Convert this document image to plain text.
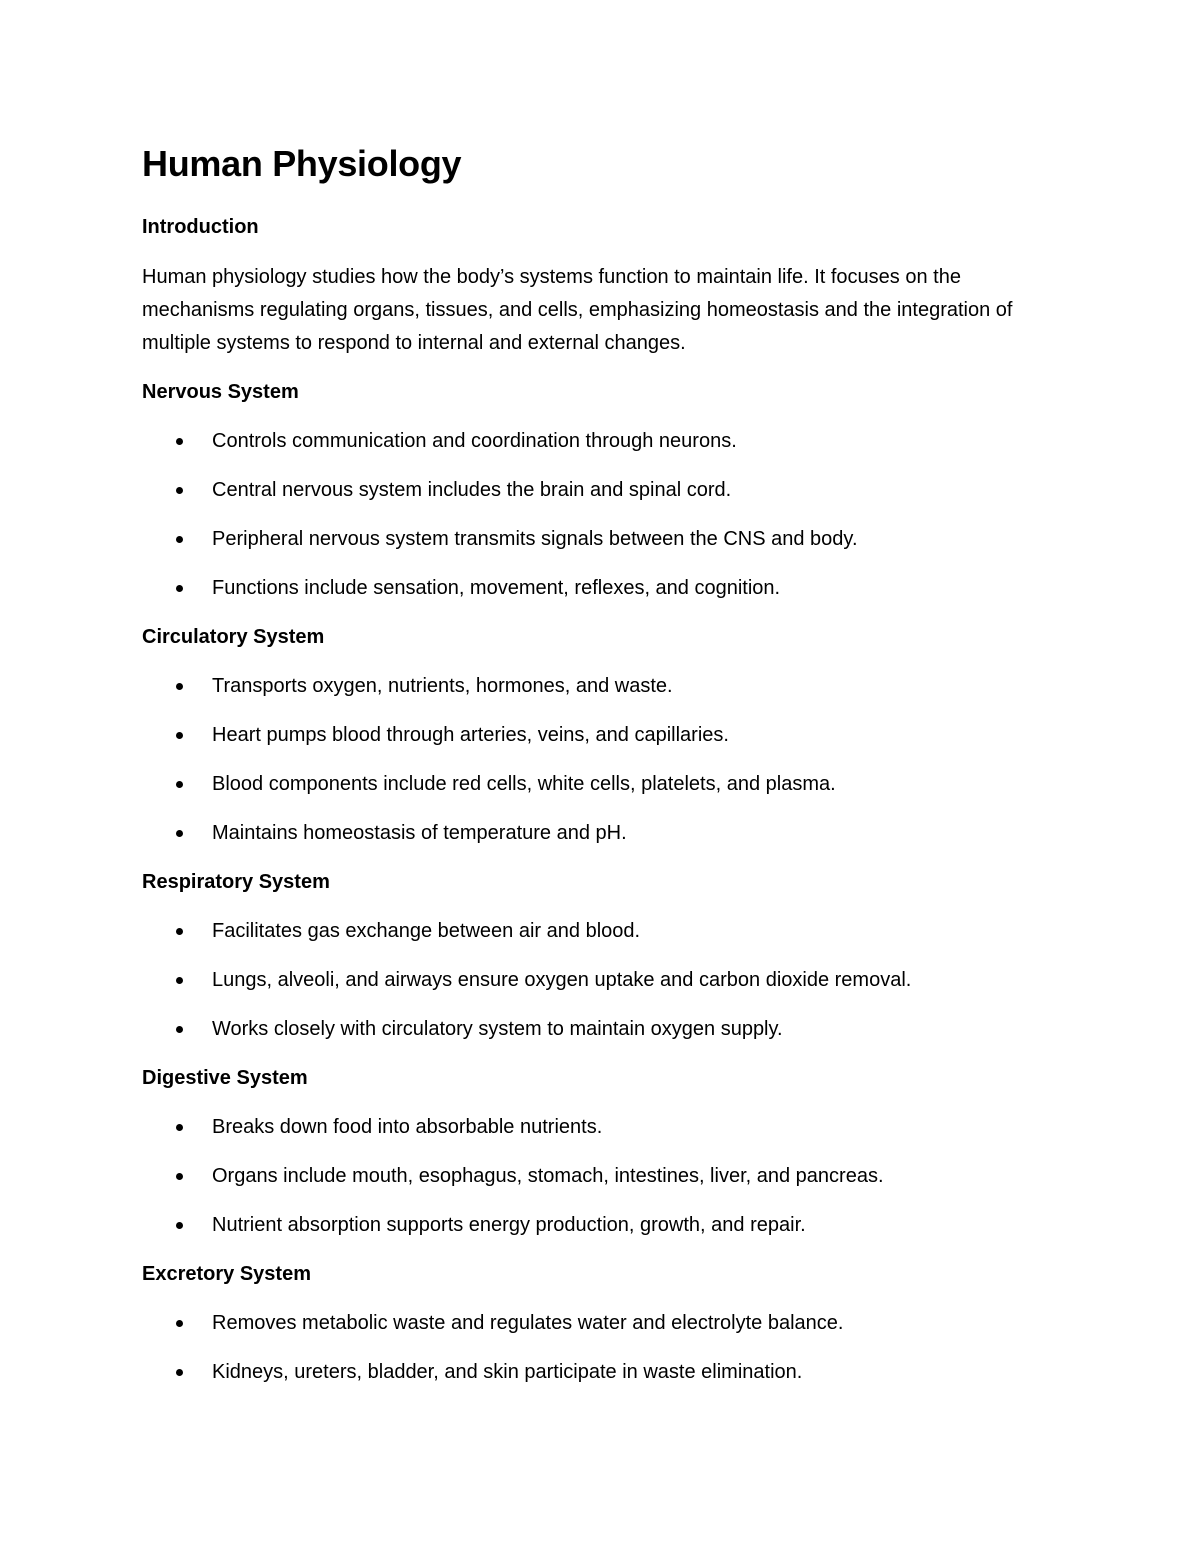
Human Physiology
Introduction

Human physiology studies how the body’s systems function to maintain life. It focuses on the mechanisms regulating organs, tissues, and cells, emphasizing homeostasis and the integration of multiple systems to respond to internal and external changes.

Nervous System
Controls communication and coordination through neurons.
Central nervous system includes the brain and spinal cord.
Peripheral nervous system transmits signals between the CNS and body.
Functions include sensation, movement, reflexes, and cognition.
Circulatory System
Transports oxygen, nutrients, hormones, and waste.
Heart pumps blood through arteries, veins, and capillaries.
Blood components include red cells, white cells, platelets, and plasma.
Maintains homeostasis of temperature and pH.
Respiratory System
Facilitates gas exchange between air and blood.
Lungs, alveoli, and airways ensure oxygen uptake and carbon dioxide removal.
Works closely with circulatory system to maintain oxygen supply.
Digestive System
Breaks down food into absorbable nutrients.
Organs include mouth, esophagus, stomach, intestines, liver, and pancreas.
Nutrient absorption supports energy production, growth, and repair.
Excretory System
Removes metabolic waste and regulates water and electrolyte balance.
Kidneys, ureters, bladder, and skin participate in waste elimination.
